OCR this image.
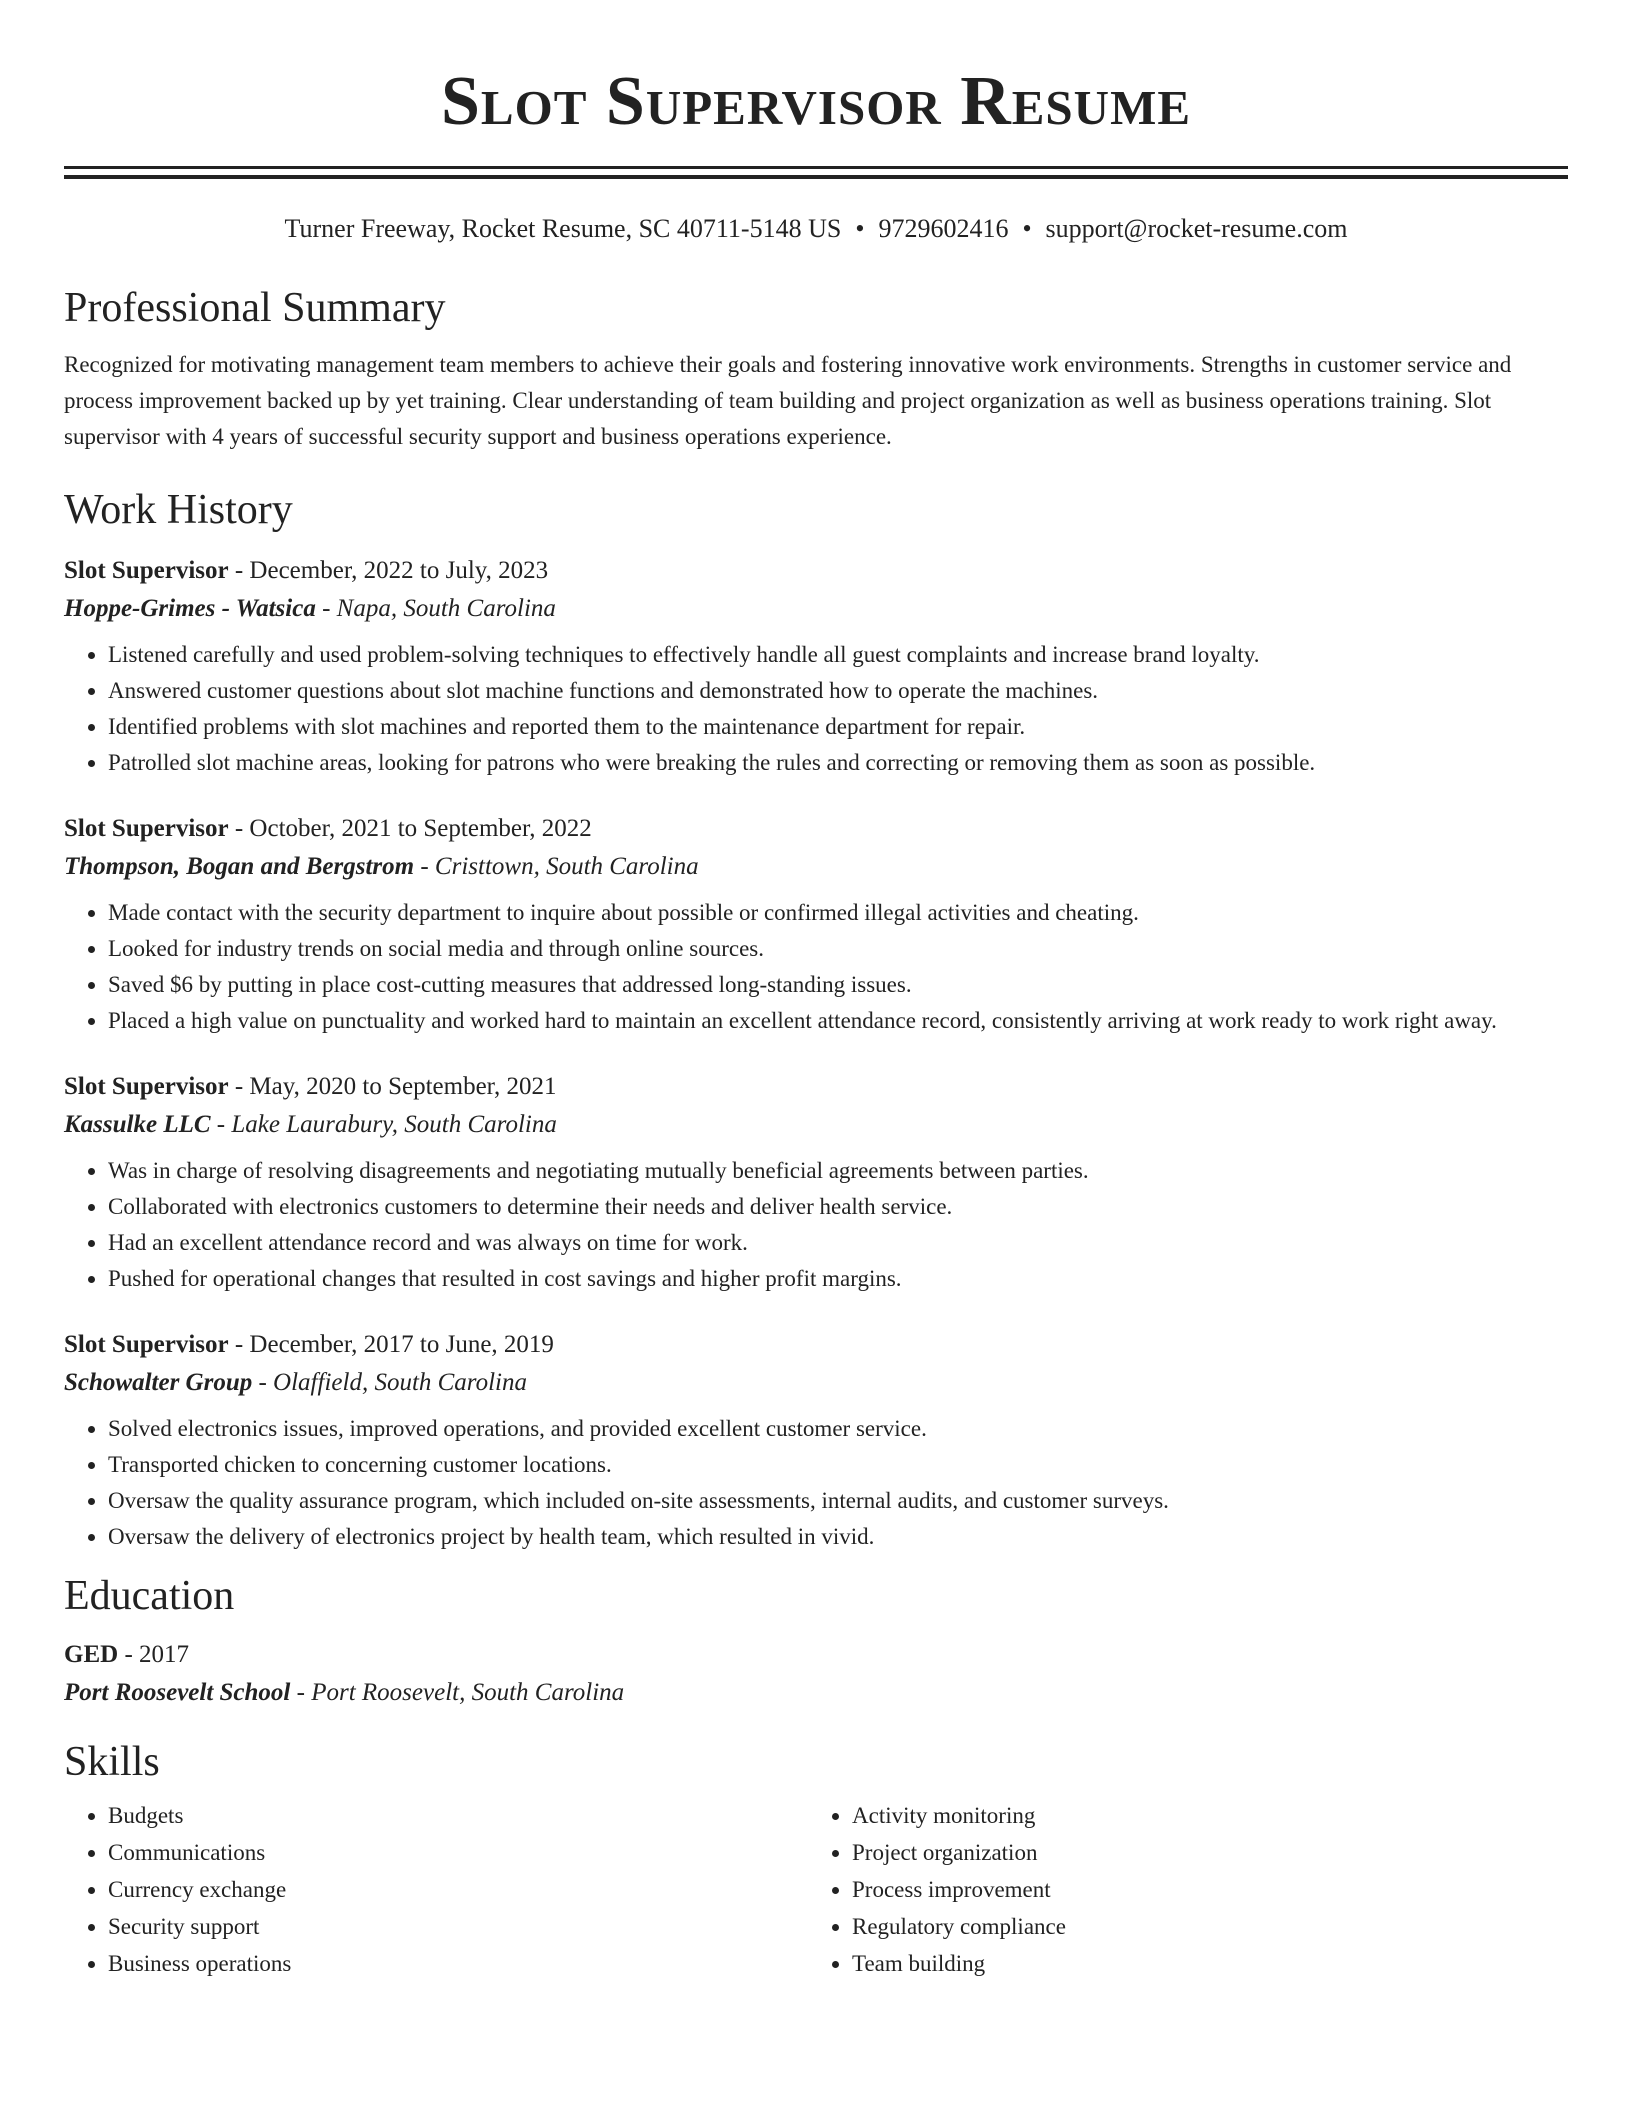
Slot Supervisor Resume
Turner Freeway, Rocket Resume, SC 40711-5148 US • 9729602416 • support@rocket-resume.com
Professional Summary

Recognized for motivating management team members to achieve their goals and fostering innovative work environments. Strengths in customer service and process improvement backed up by yet training. Clear understanding of team building and project organization as well as business operations training. Slot supervisor with 4 years of successful security support and business operations experience.

Work History

Slot Supervisor - December, 2022 to July, 2023

Hoppe-Grimes - Watsica - Napa, South Carolina

• Listened carefully and used problem-solving techniques to effectively handle all guest complaints and increase brand loyalty.
• Answered customer questions about slot machine functions and demonstrated how to operate the machines.
• Identified problems with slot machines and reported them to the maintenance department for repair.
• Patrolled slot machine areas, looking for patrons who were breaking the rules and correcting or removing them as soon as possible.

Slot Supervisor - October, 2021 to September, 2022

Thompson, Bogan and Bergstrom - Cristtown, South Carolina

• Made contact with the security department to inquire about possible or confirmed illegal activities and cheating.
• Looked for industry trends on social media and through online sources.
• Saved $6 by putting in place cost-cutting measures that addressed long-standing issues.
• Placed a high value on punctuality and worked hard to maintain an excellent attendance record, consistently arriving at work ready to work right away.

Slot Supervisor - May, 2020 to September, 2021

Kassulke LLC - Lake Laurabury, South Carolina

• Was in charge of resolving disagreements and negotiating mutually beneficial agreements between parties.
• Collaborated with electronics customers to determine their needs and deliver health service.
• Had an excellent attendance record and was always on time for work.
• Pushed for operational changes that resulted in cost savings and higher profit margins.

Slot Supervisor - December, 2017 to June, 2019

Schowalter Group - Olaffield, South Carolina

• Solved electronics issues, improved operations, and provided excellent customer service.
• Transported chicken to concerning customer locations.
• Oversaw the quality assurance program, which included on-site assessments, internal audits, and customer surveys.
• Oversaw the delivery of electronics project by health team, which resulted in vivid.
Education

GED - 2017

Port Roosevelt School - Port Roosevelt, South Carolina

Skills
• Budgets
• Communications
• Currency exchange
• Security support
• Business operations
• Activity monitoring
• Project organization
• Process improvement
• Regulatory compliance
• Team building
